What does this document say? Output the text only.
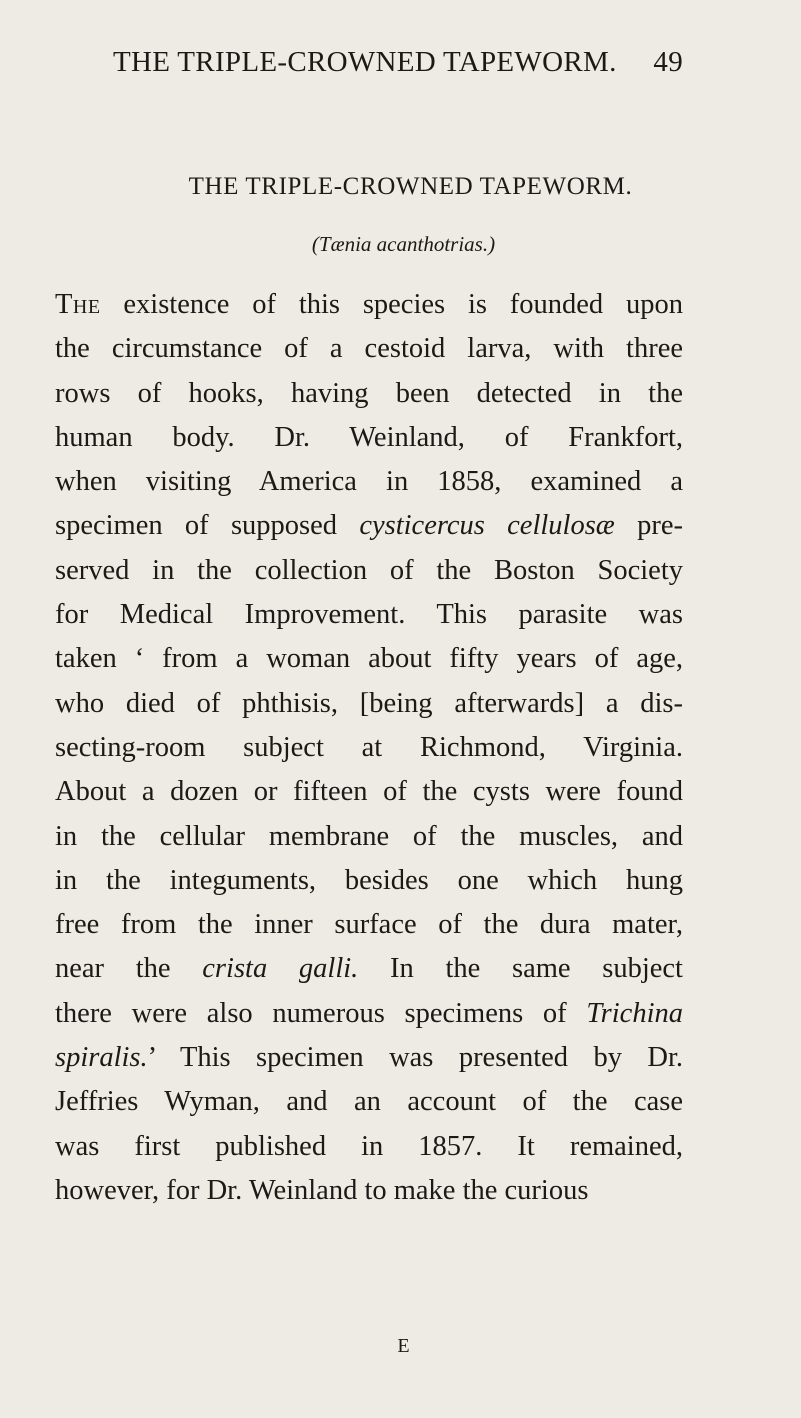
THE TRIPLE-CROWNED TAPEWORM. 49
THE TRIPLE-CROWNED TAPEWORM.
(Tænia acanthotrias.)
The existence of this species is founded upon
the circumstance of a cestoid larva, with three
rows of hooks, having been detected in the
human body. Dr. Weinland, of Frankfort,
when visiting America in 1858, examined a
specimen of supposed cysticercus cellulosæ pre-
served in the collection of the Boston Society
for Medical Improvement. This parasite was
taken ‘ from a woman about fifty years of age,
who died of phthisis, [being afterwards] a dis-
secting-room subject at Richmond, Virginia.
About a dozen or fifteen of the cysts were found
in the cellular membrane of the muscles, and
in the integuments, besides one which hung
free from the inner surface of the dura mater,
near the crista galli. In the same subject
there were also numerous specimens of Trichina
spiralis.’ This specimen was presented by Dr.
Jeffries Wyman, and an account of the case
was first published in 1857. It remained,
however, for Dr. Weinland to make the curious
E
